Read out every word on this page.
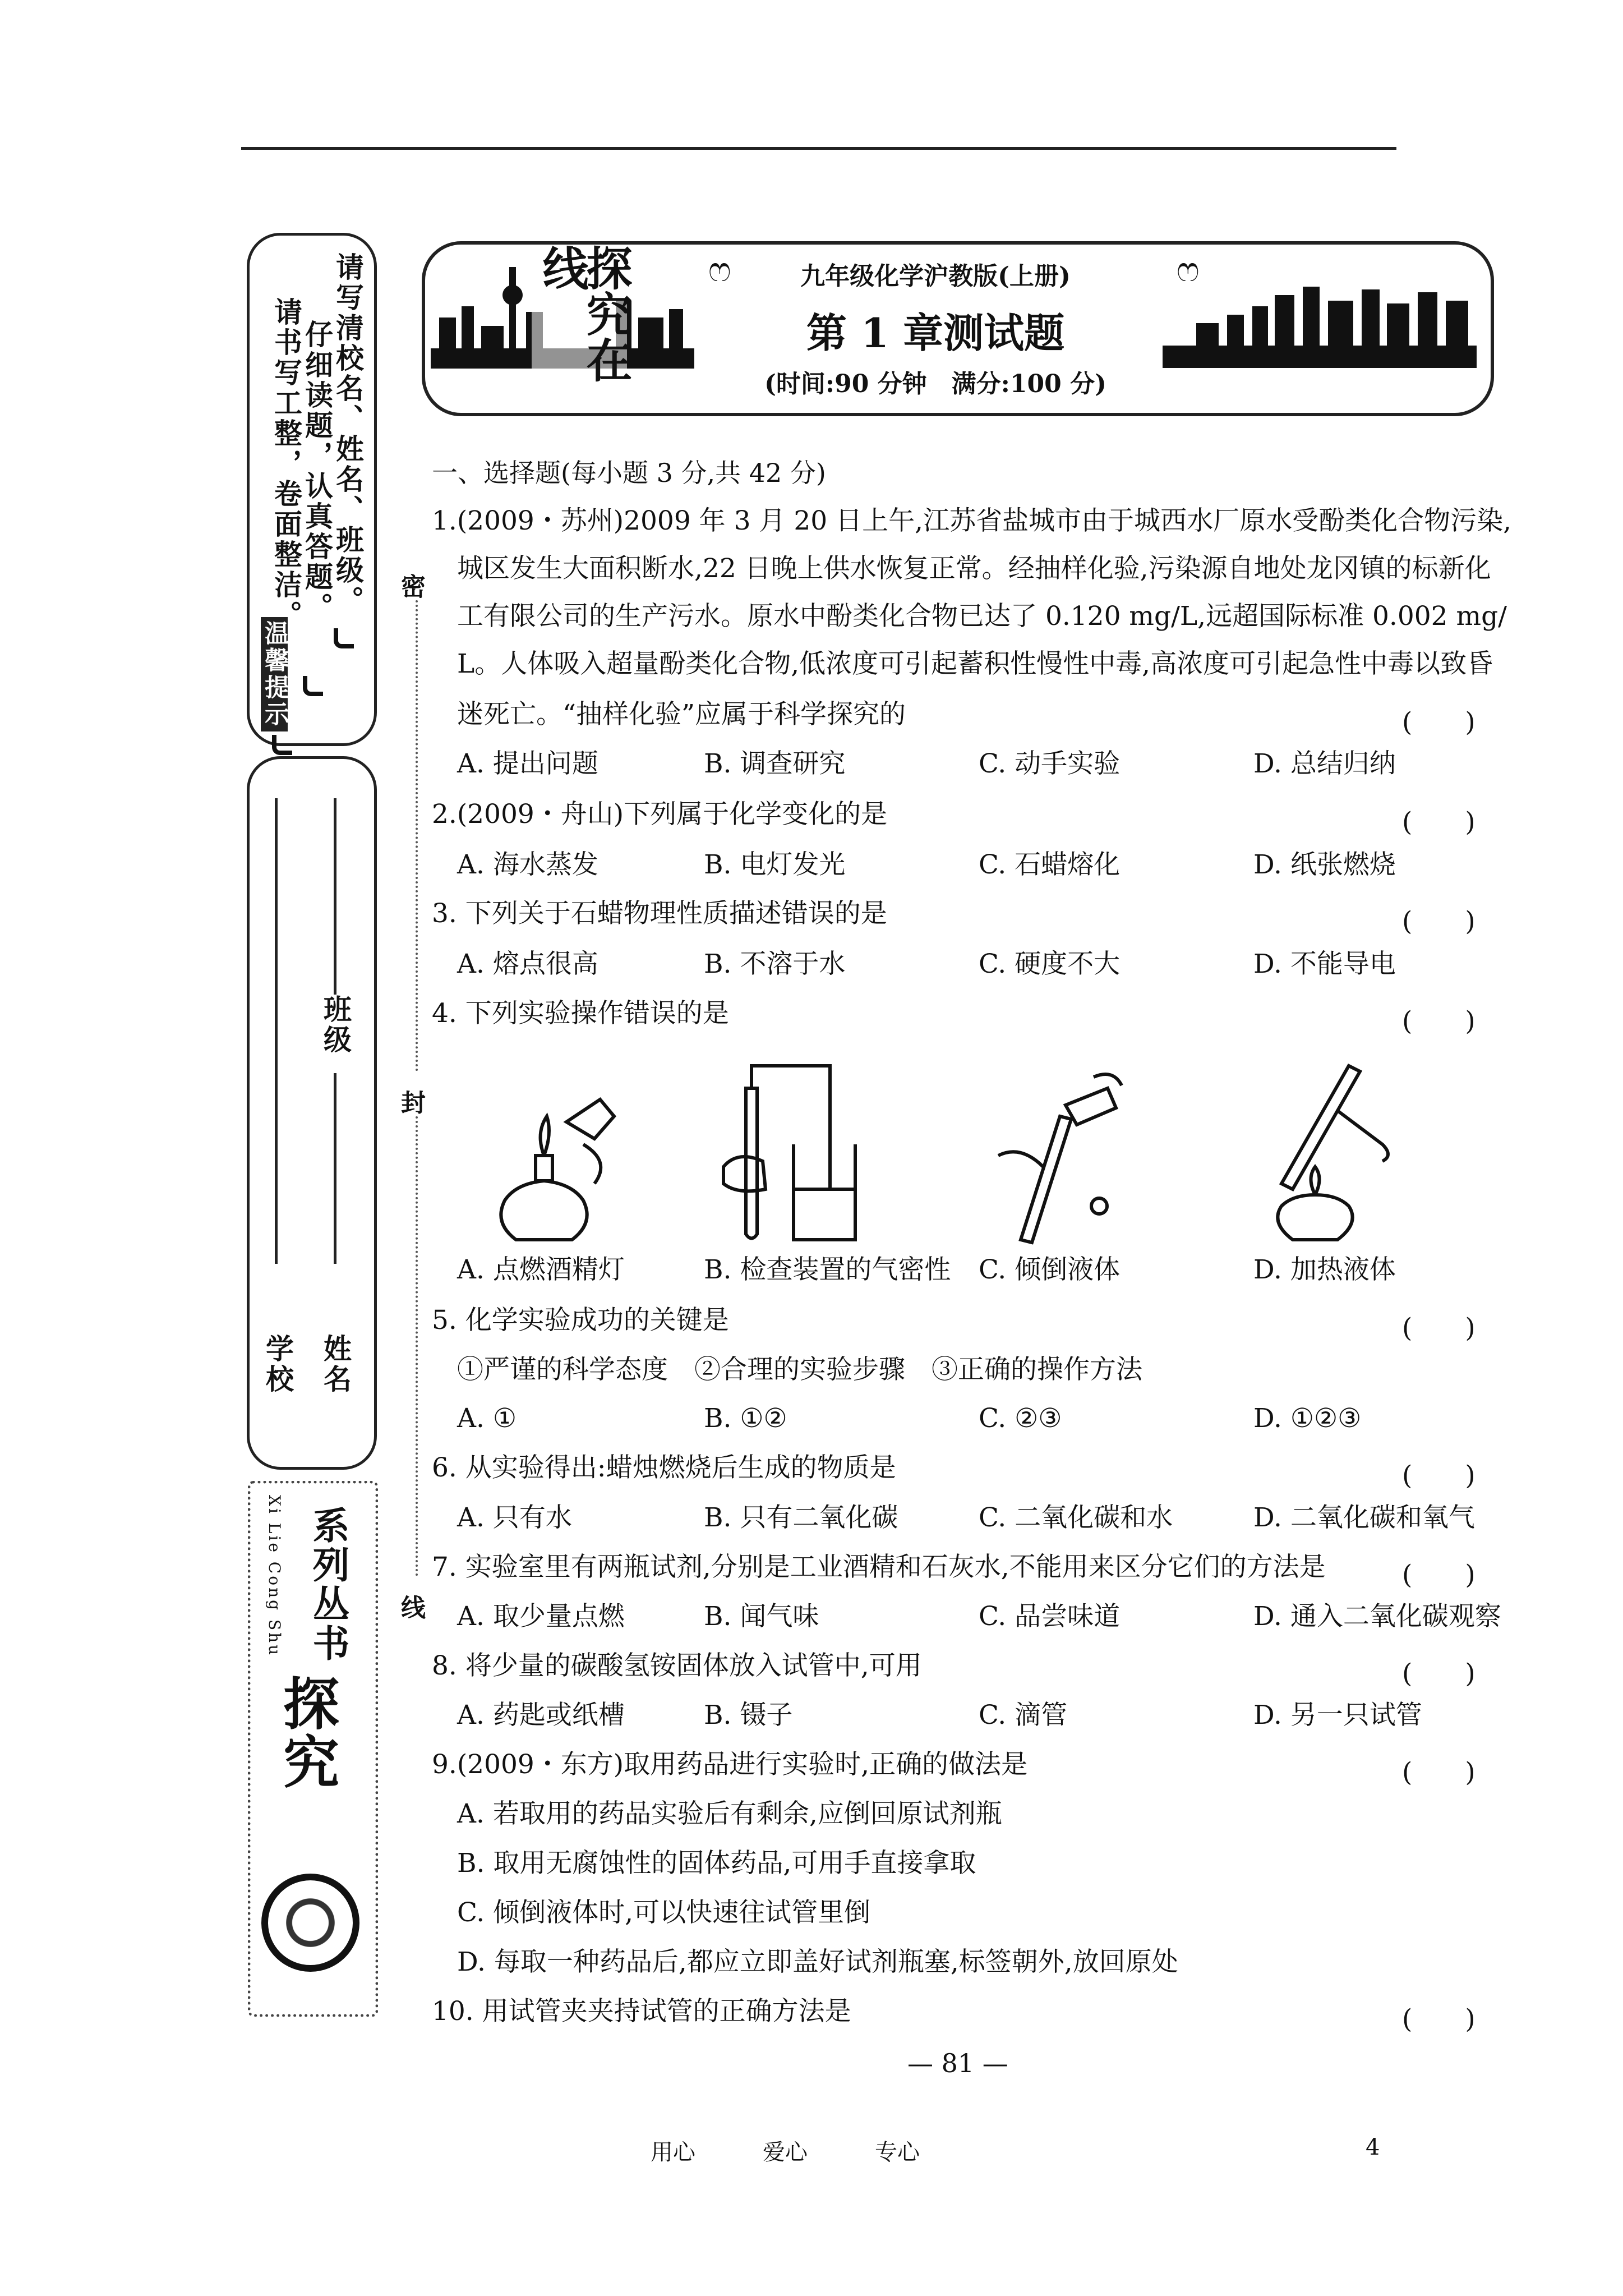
温馨提示
请写清校名、姓名、班级。
仔细读题，认真答题。
请书写工整，卷面整洁。
班级
学校 姓名
探究
系列丛书
Xi Lie Cong Shu
密
封
线
探究在线	ෆ	ෆ
九年级化学沪教版(上册)
第 1 章测试题
(时间:90 分钟　满分:100 分)
一、选择题(每小题 3 分,共 42 分)
1.(2009・苏州)2009 年 3 月 20 日上午,江苏省盐城市由于城西水厂原水受酚类化合物污染,
城区发生大面积断水,22 日晚上供水恢复正常。经抽样化验,污染源自地处龙冈镇的标新化
工有限公司的生产污水。原水中酚类化合物已达了 0.120 mg/L,远超国际标准 0.002 mg/
L。人体吸入超量酚类化合物,低浓度可引起蓄积性慢性中毒,高浓度可引起急性中毒以致昏
迷死亡。“抽样化验”应属于科学探究的	(　　)
A. 提出问题	B. 调查研究	C. 动手实验	D. 总结归纳
2.(2009・舟山)下列属于化学变化的是	(　　)
A. 海水蒸发	B. 电灯发光	C. 石蜡熔化	D. 纸张燃烧
3. 下列关于石蜡物理性质描述错误的是	(　　)
A. 熔点很高	B. 不溶于水	C. 硬度不大	D. 不能导电
4. 下列实验操作错误的是	(　　)
A. 点燃酒精灯	B. 检查装置的气密性 C. 倾倒液体	D. 加热液体
5. 化学实验成功的关键是	(　　)
①严谨的科学态度　②合理的实验步骤　③正确的操作方法
A. ①	B. ①②	C. ②③	D. ①②③
6. 从实验得出:蜡烛燃烧后生成的物质是	(　　)
A. 只有水	B. 只有二氧化碳	C. 二氧化碳和水	D. 二氧化碳和氧气
7. 实验室里有两瓶试剂,分别是工业酒精和石灰水,不能用来区分它们的方法是	(　　)
A. 取少量点燃	B. 闻气味	C. 品尝味道	D. 通入二氧化碳观察
8. 将少量的碳酸氢铵固体放入试管中,可用	(　　)
A. 药匙或纸槽	B. 镊子	C. 滴管	D. 另一只试管
9.(2009・东方)取用药品进行实验时,正确的做法是	(　　)
A. 若取用的药品实验后有剩余,应倒回原试剂瓶
B. 取用无腐蚀性的固体药品,可用手直接拿取
C. 倾倒液体时,可以快速往试管里倒
D. 每取一种药品后,都应立即盖好试剂瓶塞,标签朝外,放回原处
10. 用试管夹夹持试管的正确方法是	(　　)
— 81 —
用心	爱心	专心	4
